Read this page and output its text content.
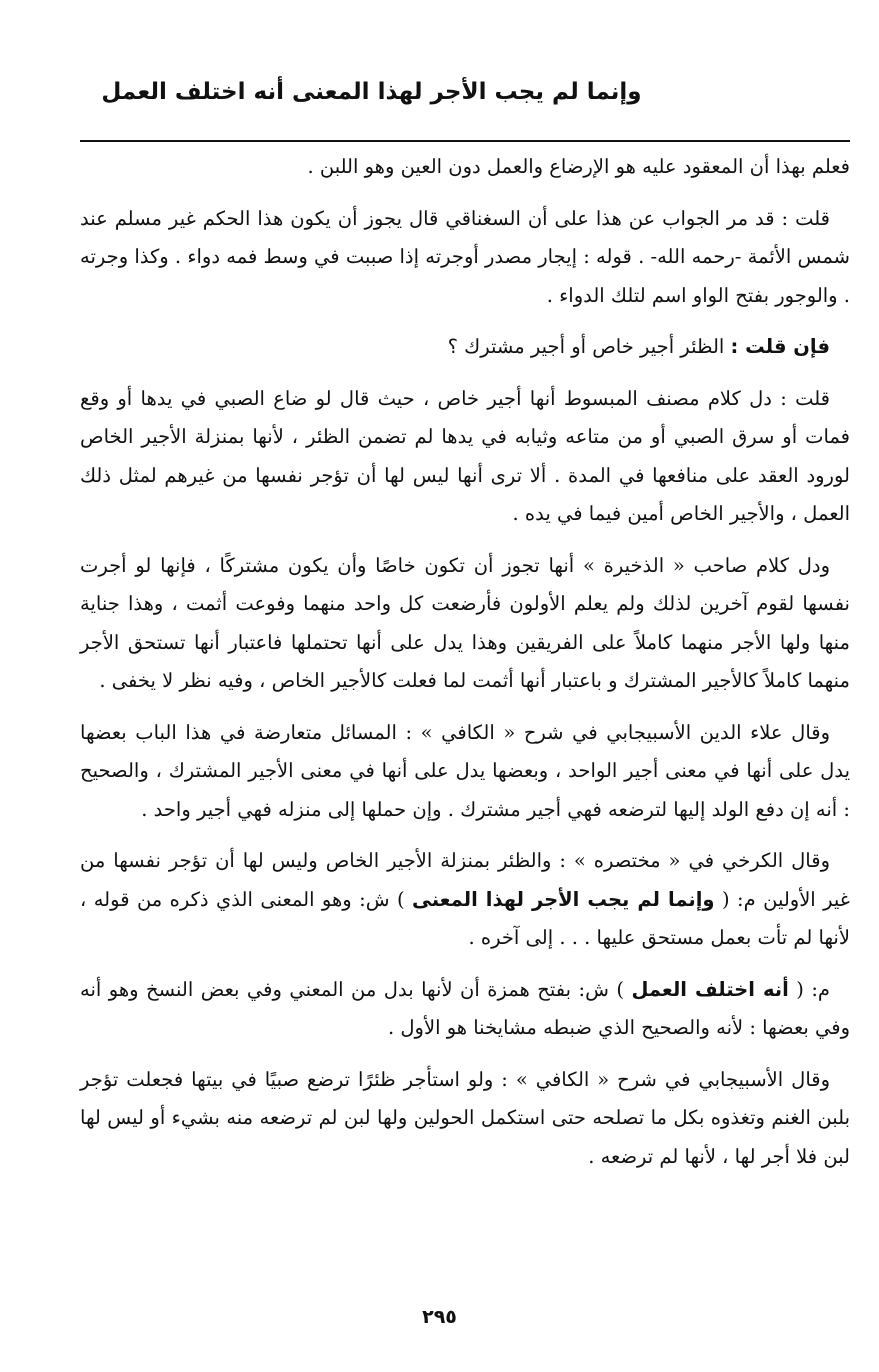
وإنما لم يجب الأجر لهذا المعنى أنه اختلف العمل

فعلم بهذا أن المعقود عليه هو الإرضاع والعمل دون العين وهو اللبن .

قلت : قد مر الجواب عن هذا على أن السغناقي قال يجوز أن يكون هذا الحكم غير مسلم عند شمس الأئمة -رحمه الله- . قوله : إيجار مصدر أوجرته إذا صببت في وسط فمه دواء . وكذا وجرته . والوجور بفتح الواو اسم لتلك الدواء .

فإن قلت : الظئر أجير خاص أو أجير مشترك ؟

قلت : دل كلام مصنف المبسوط أنها أجير خاص ، حيث قال لو ضاع الصبي في يدها أو وقع فمات أو سرق الصبي أو من متاعه وثيابه في يدها لم تضمن الظئر ، لأنها بمنزلة الأجير الخاص لورود العقد على منافعها في المدة . ألا ترى أنها ليس لها أن تؤجر نفسها من غيرهم لمثل ذلك العمل ، والأجير الخاص أمين فيما في يده .

ودل كلام صاحب « الذخيرة » أنها تجوز أن تكون خاصًا وأن يكون مشتركًا ، فإنها لو أجرت نفسها لقوم آخرين لذلك ولم يعلم الأولون فأرضعت كل واحد منهما وفوعت أثمت ، وهذا جناية منها ولها الأجر منهما كاملاً على الفريقين وهذا يدل على أنها تحتملها فاعتبار أنها تستحق الأجر منهما كاملاً كالأجير المشترك و باعتبار أنها أثمت لما فعلت كالأجير الخاص ، وفيه نظر لا يخفى .

وقال علاء الدين الأسبيجابي في شرح « الكافي » : المسائل متعارضة في هذا الباب بعضها يدل على أنها في معنى أجير الواحد ، وبعضها يدل على أنها في معنى الأجير المشترك ، والصحيح : أنه إن دفع الولد إليها لترضعه فهي أجير مشترك . وإن حملها إلى منزله فهي أجير واحد .

وقال الكرخي في « مختصره » : والظئر بمنزلة الأجير الخاص وليس لها أن تؤجر نفسها من غير الأولين م: ( وإنما لم يجب الأجر لهذا المعنى ) ش: وهو المعنى الذي ذكره من قوله ، لأنها لم تأت بعمل مستحق عليها . . . إلى آخره .

م: ( أنه اختلف العمل ) ش: بفتح همزة أن لأنها بدل من المعني وفي بعض النسخ وهو أنه وفي بعضها : لأنه والصحيح الذي ضبطه مشايخنا هو الأول .

وقال الأسبيجابي في شرح « الكافي » : ولو استأجر ظئرًا ترضع صبيًا في بيتها فجعلت تؤجر بلبن الغنم وتغذوه بكل ما تصلحه حتى استكمل الحولين ولها لبن لم ترضعه منه بشيء أو ليس لها لبن فلا أجر لها ، لأنها لم ترضعه .

٢٩٥
